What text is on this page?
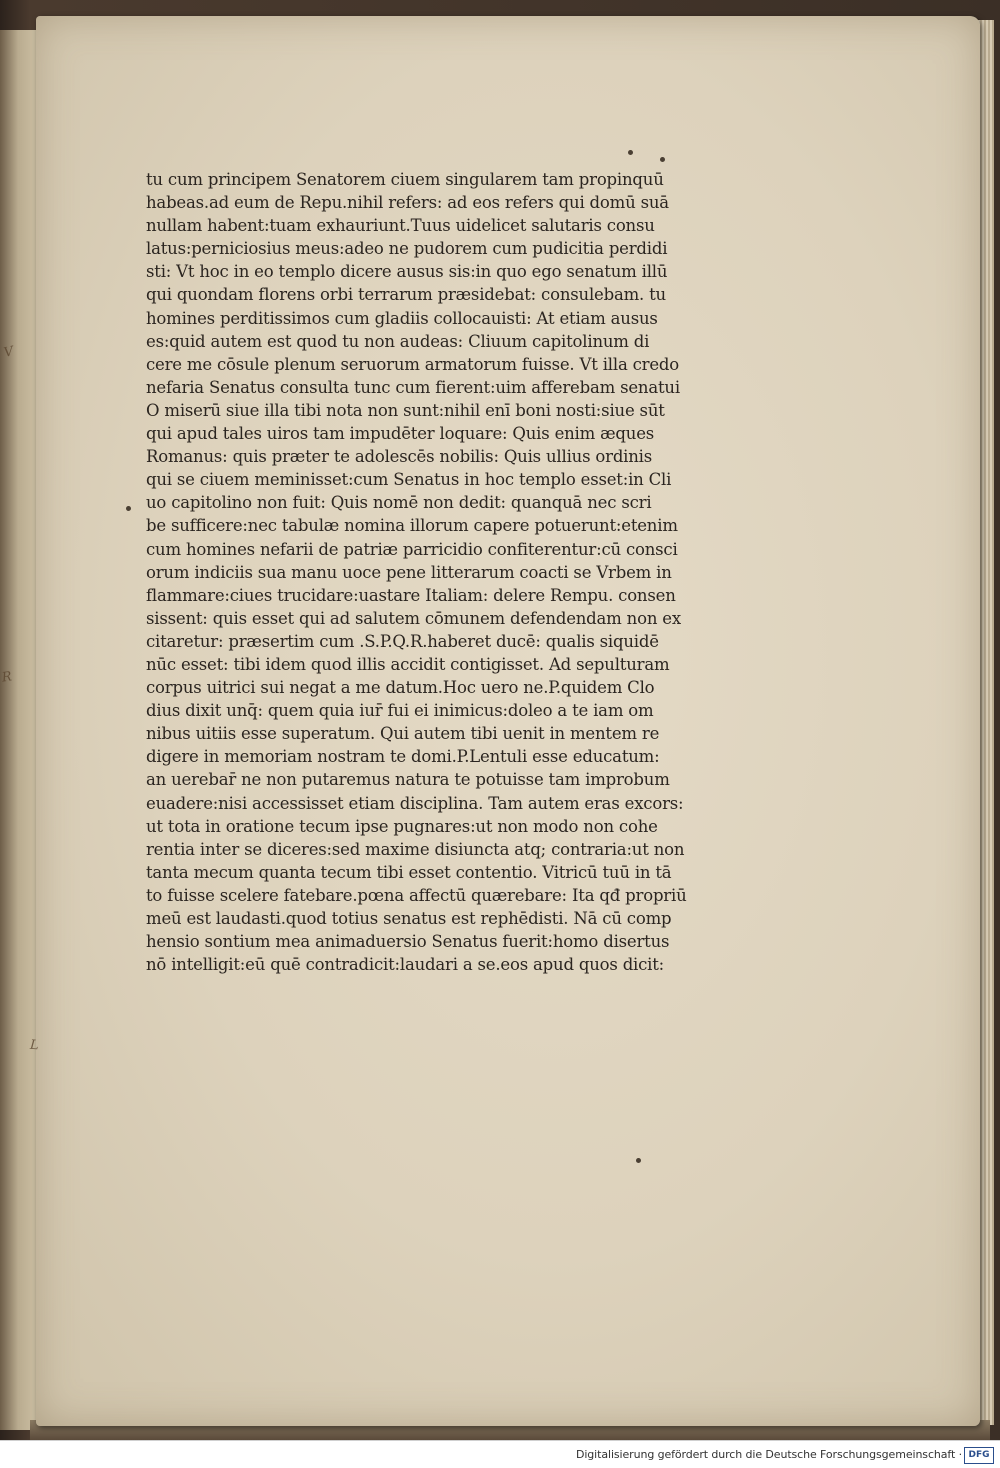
V
R
L
tu cum principem Senatorem ciuem singularem tam propinquū
habeas.ad eum de Repu.nihil refers: ad eos refers qui domū suā
nullam habent:tuam exhauriunt.Tuus uidelicet salutaris consu
latus:perniciosius meus:adeo ne pudorem cum pudicitia perdidi
sti: Vt hoc in eo templo dicere ausus sis:in quo ego senatum illū
qui quondam florens orbi terrarum præsidebat: consulebam. tu
homines perditissimos cum gladiis collocauisti: At etiam ausus
es:quid autem est quod tu non audeas: Cliuum capitolinum di
cere me cōsule plenum seruorum armatorum fuisse. Vt illa credo
nefaria Senatus consulta tunc cum fierent:uim afferebam senatui
O miserū siue illa tibi nota non sunt:nihil enī boni nosti:siue sūt
qui apud tales uiros tam impudēter loquare: Quis enim æques
Romanus: quis præter te adolescēs nobilis: Quis ullius ordinis
qui se ciuem meminisset:cum Senatus in hoc templo esset:in Cli
uo capitolino non fuit: Quis nomē non dedit: quanquā nec scri
be sufficere:nec tabulæ nomina illorum capere potuerunt:etenim
cum homines nefarii de patriæ parricidio confiterentur:cū consci
orum indiciis sua manu uoce pene litterarum coacti se Vrbem in
flammare:ciues trucidare:uastare Italiam: delere Rempu. consen
sissent: quis esset qui ad salutem cōmunem defendendam non ex
citaretur: præsertim cum .S.P.Q.R.haberet ducē: qualis siquidē
nūc esset: tibi idem quod illis accidit contigisset. Ad sepulturam
corpus uitrici sui negat a me datum.Hoc uero ne.P.quidem Clo
dius dixit unq̄: quem quia iur̄ fui ei inimicus:doleo a te iam om
nibus uitiis esse superatum. Qui autem tibi uenit in mentem re
digere in memoriam nostram te domi.P.Lentuli esse educatum:
an uerebar̄ ne non putaremus natura te potuisse tam improbum
euadere:nisi accessisset etiam disciplina. Tam autem eras excors:
ut tota in oratione tecum ipse pugnares:ut non modo non cohe
rentia inter se diceres:sed maxime disiuncta atq; contraria:ut non
tanta mecum quanta tecum tibi esset contentio. Vitricū tuū in tā
to fuisse scelere fatebare.pœna affectū quærebare: Ita qđ propriū
meū est laudasti.quod totius senatus est rephēdisti. Nā cū comp
hensio sontium mea animaduersio Senatus fuerit:homo disertus
nō intelligit:eū quē contradicit:laudari a se.eos apud quos dicit:
Digitalisierung gefördert durch die Deutsche Forschungsgemeinschaft · DFG
